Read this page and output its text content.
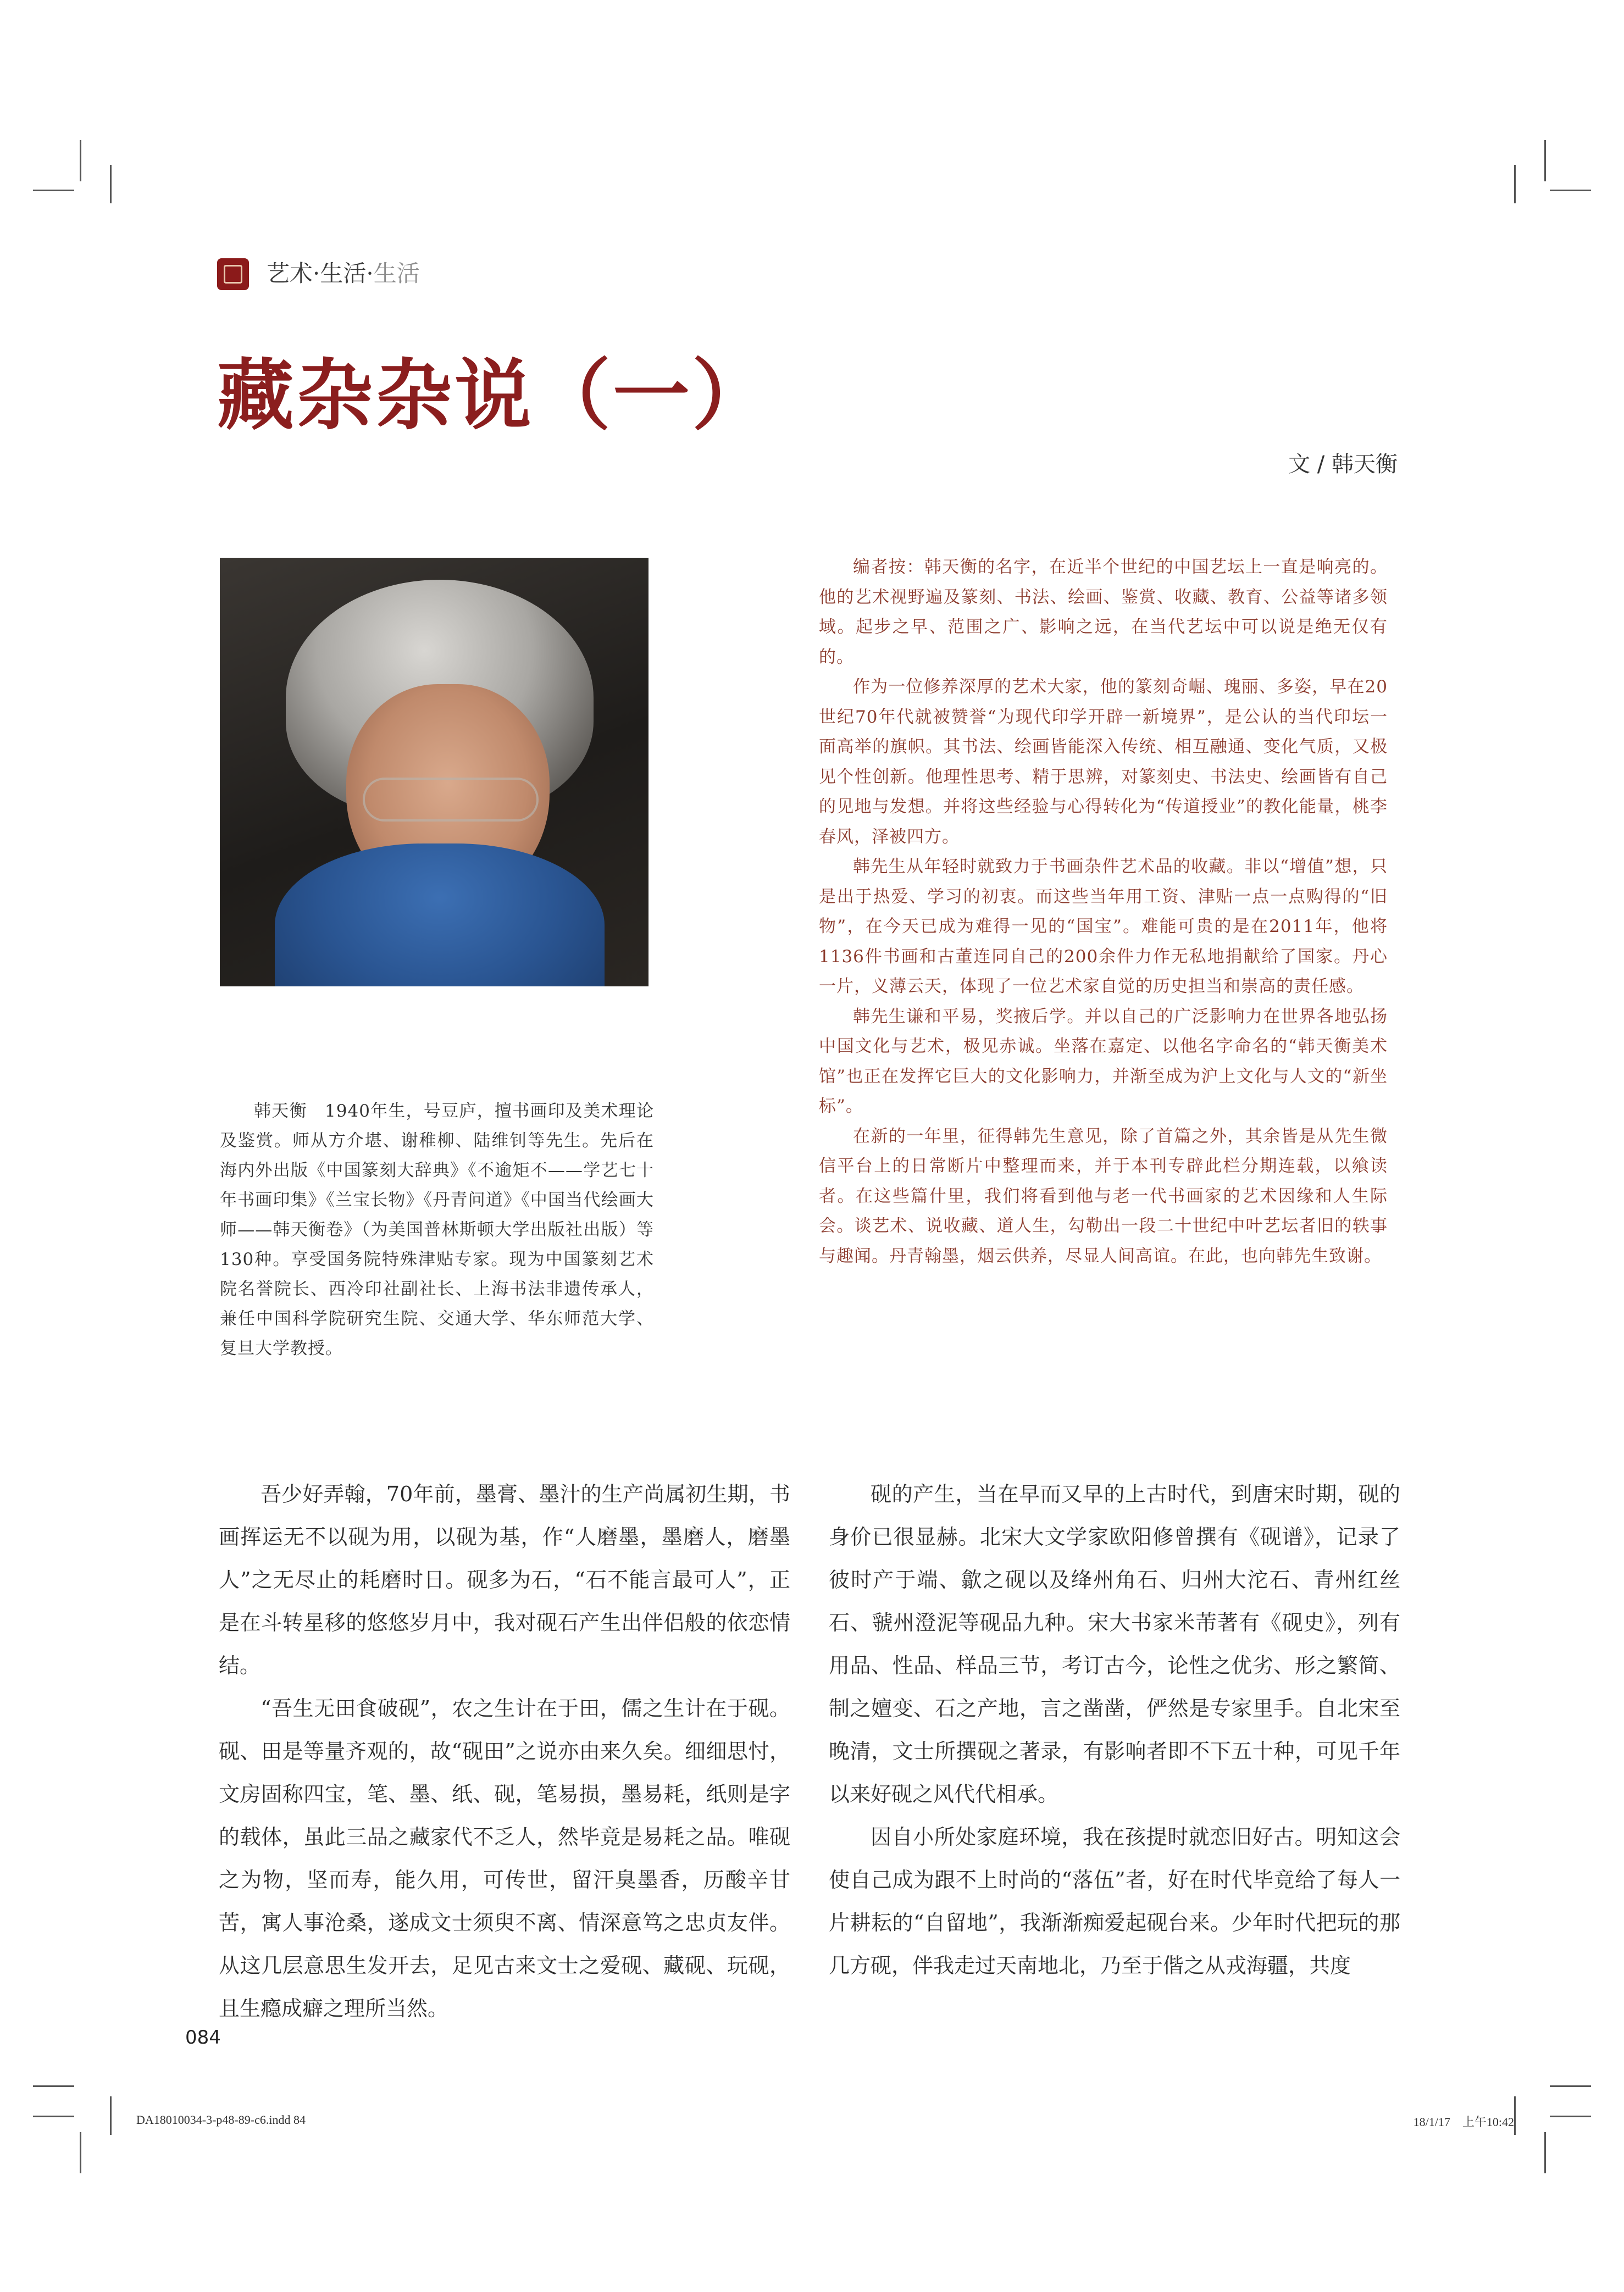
艺术·生活·生活
藏杂杂说（一）
文 / 韩天衡

韩天衡　1940年生，号豆庐，擅书画印及美术理论及鉴赏。师从方介堪、谢稚柳、陆维钊等先生。先后在海内外出版《中国篆刻大辞典》《不逾矩不——学艺七十年书画印集》《兰宝长物》《丹青问道》《中国当代绘画大师——韩天衡卷》（为美国普林斯顿大学出版社出版）等130种。享受国务院特殊津贴专家。现为中国篆刻艺术院名誉院长、西冷印社副社长、上海书法非遗传承人，兼任中国科学院研究生院、交通大学、华东师范大学、复旦大学教授。

编者按：韩天衡的名字，在近半个世纪的中国艺坛上一直是响亮的。他的艺术视野遍及篆刻、书法、绘画、鉴赏、收藏、教育、公益等诸多领域。起步之早、范围之广、影响之远，在当代艺坛中可以说是绝无仅有的。

作为一位修养深厚的艺术大家，他的篆刻奇崛、瑰丽、多姿，早在20世纪70年代就被赞誉“为现代印学开辟一新境界”，是公认的当代印坛一面高举的旗帜。其书法、绘画皆能深入传统、相互融通、变化气质，又极见个性创新。他理性思考、精于思辨，对篆刻史、书法史、绘画皆有自己的见地与发想。并将这些经验与心得转化为“传道授业”的教化能量，桃李春风，泽被四方。

韩先生从年轻时就致力于书画杂件艺术品的收藏。非以“增值”想，只是出于热爱、学习的初衷。而这些当年用工资、津贴一点一点购得的“旧物”，在今天已成为难得一见的“国宝”。难能可贵的是在2011年，他将1136件书画和古董连同自己的200余件力作无私地捐献给了国家。丹心一片，义薄云天，体现了一位艺术家自觉的历史担当和崇高的责任感。

韩先生谦和平易，奖掖后学。并以自己的广泛影响力在世界各地弘扬中国文化与艺术，极见赤诚。坐落在嘉定、以他名字命名的“韩天衡美术馆”也正在发挥它巨大的文化影响力，并渐至成为沪上文化与人文的“新坐标”。

在新的一年里，征得韩先生意见，除了首篇之外，其余皆是从先生微信平台上的日常断片中整理而来，并于本刊专辟此栏分期连载，以飨读者。在这些篇什里，我们将看到他与老一代书画家的艺术因缘和人生际会。谈艺术、说收藏、道人生，勾勒出一段二十世纪中叶艺坛者旧的轶事与趣闻。丹青翰墨，烟云供养，尽显人间高谊。在此，也向韩先生致谢。

吾少好弄翰，70年前，墨膏、墨汁的生产尚属初生期，书画挥运无不以砚为用，以砚为基，作“人磨墨，墨磨人，磨墨人”之无尽止的耗磨时日。砚多为石，“石不能言最可人”，正是在斗转星移的悠悠岁月中，我对砚石产生出伴侣般的依恋情结。

“吾生无田食破砚”，农之生计在于田，儒之生计在于砚。砚、田是等量齐观的，故“砚田”之说亦由来久矣。细细思忖，文房固称四宝，笔、墨、纸、砚，笔易损，墨易耗，纸则是字的载体，虽此三品之藏家代不乏人，然毕竟是易耗之品。唯砚之为物，坚而寿，能久用，可传世，留汗臭墨香，历酸辛甘苦，寓人事沧桑，遂成文士须臾不离、情深意笃之忠贞友伴。从这几层意思生发开去，足见古来文士之爱砚、藏砚、玩砚，且生瘾成癖之理所当然。

砚的产生，当在早而又早的上古时代，到唐宋时期，砚的身价已很显赫。北宋大文学家欧阳修曾撰有《砚谱》，记录了彼时产于端、歙之砚以及绛州角石、归州大沱石、青州红丝石、虢州澄泥等砚品九种。宋大书家米芾著有《砚史》，列有用品、性品、样品三节，考订古今，论性之优劣、形之繁简、制之嬗变、石之产地，言之凿凿，俨然是专家里手。自北宋至晚清，文士所撰砚之著录，有影响者即不下五十种，可见千年以来好砚之风代代相承。

因自小所处家庭环境，我在孩提时就恋旧好古。明知这会使自己成为跟不上时尚的“落伍”者，好在时代毕竟给了每人一片耕耘的“自留地”，我渐渐痴爱起砚台来。少年时代把玩的那几方砚，伴我走过天南地北，乃至于偕之从戎海疆，共度

084
DA18010034-3-p48-89-c6.indd 84	18/1/17　上午10:42
